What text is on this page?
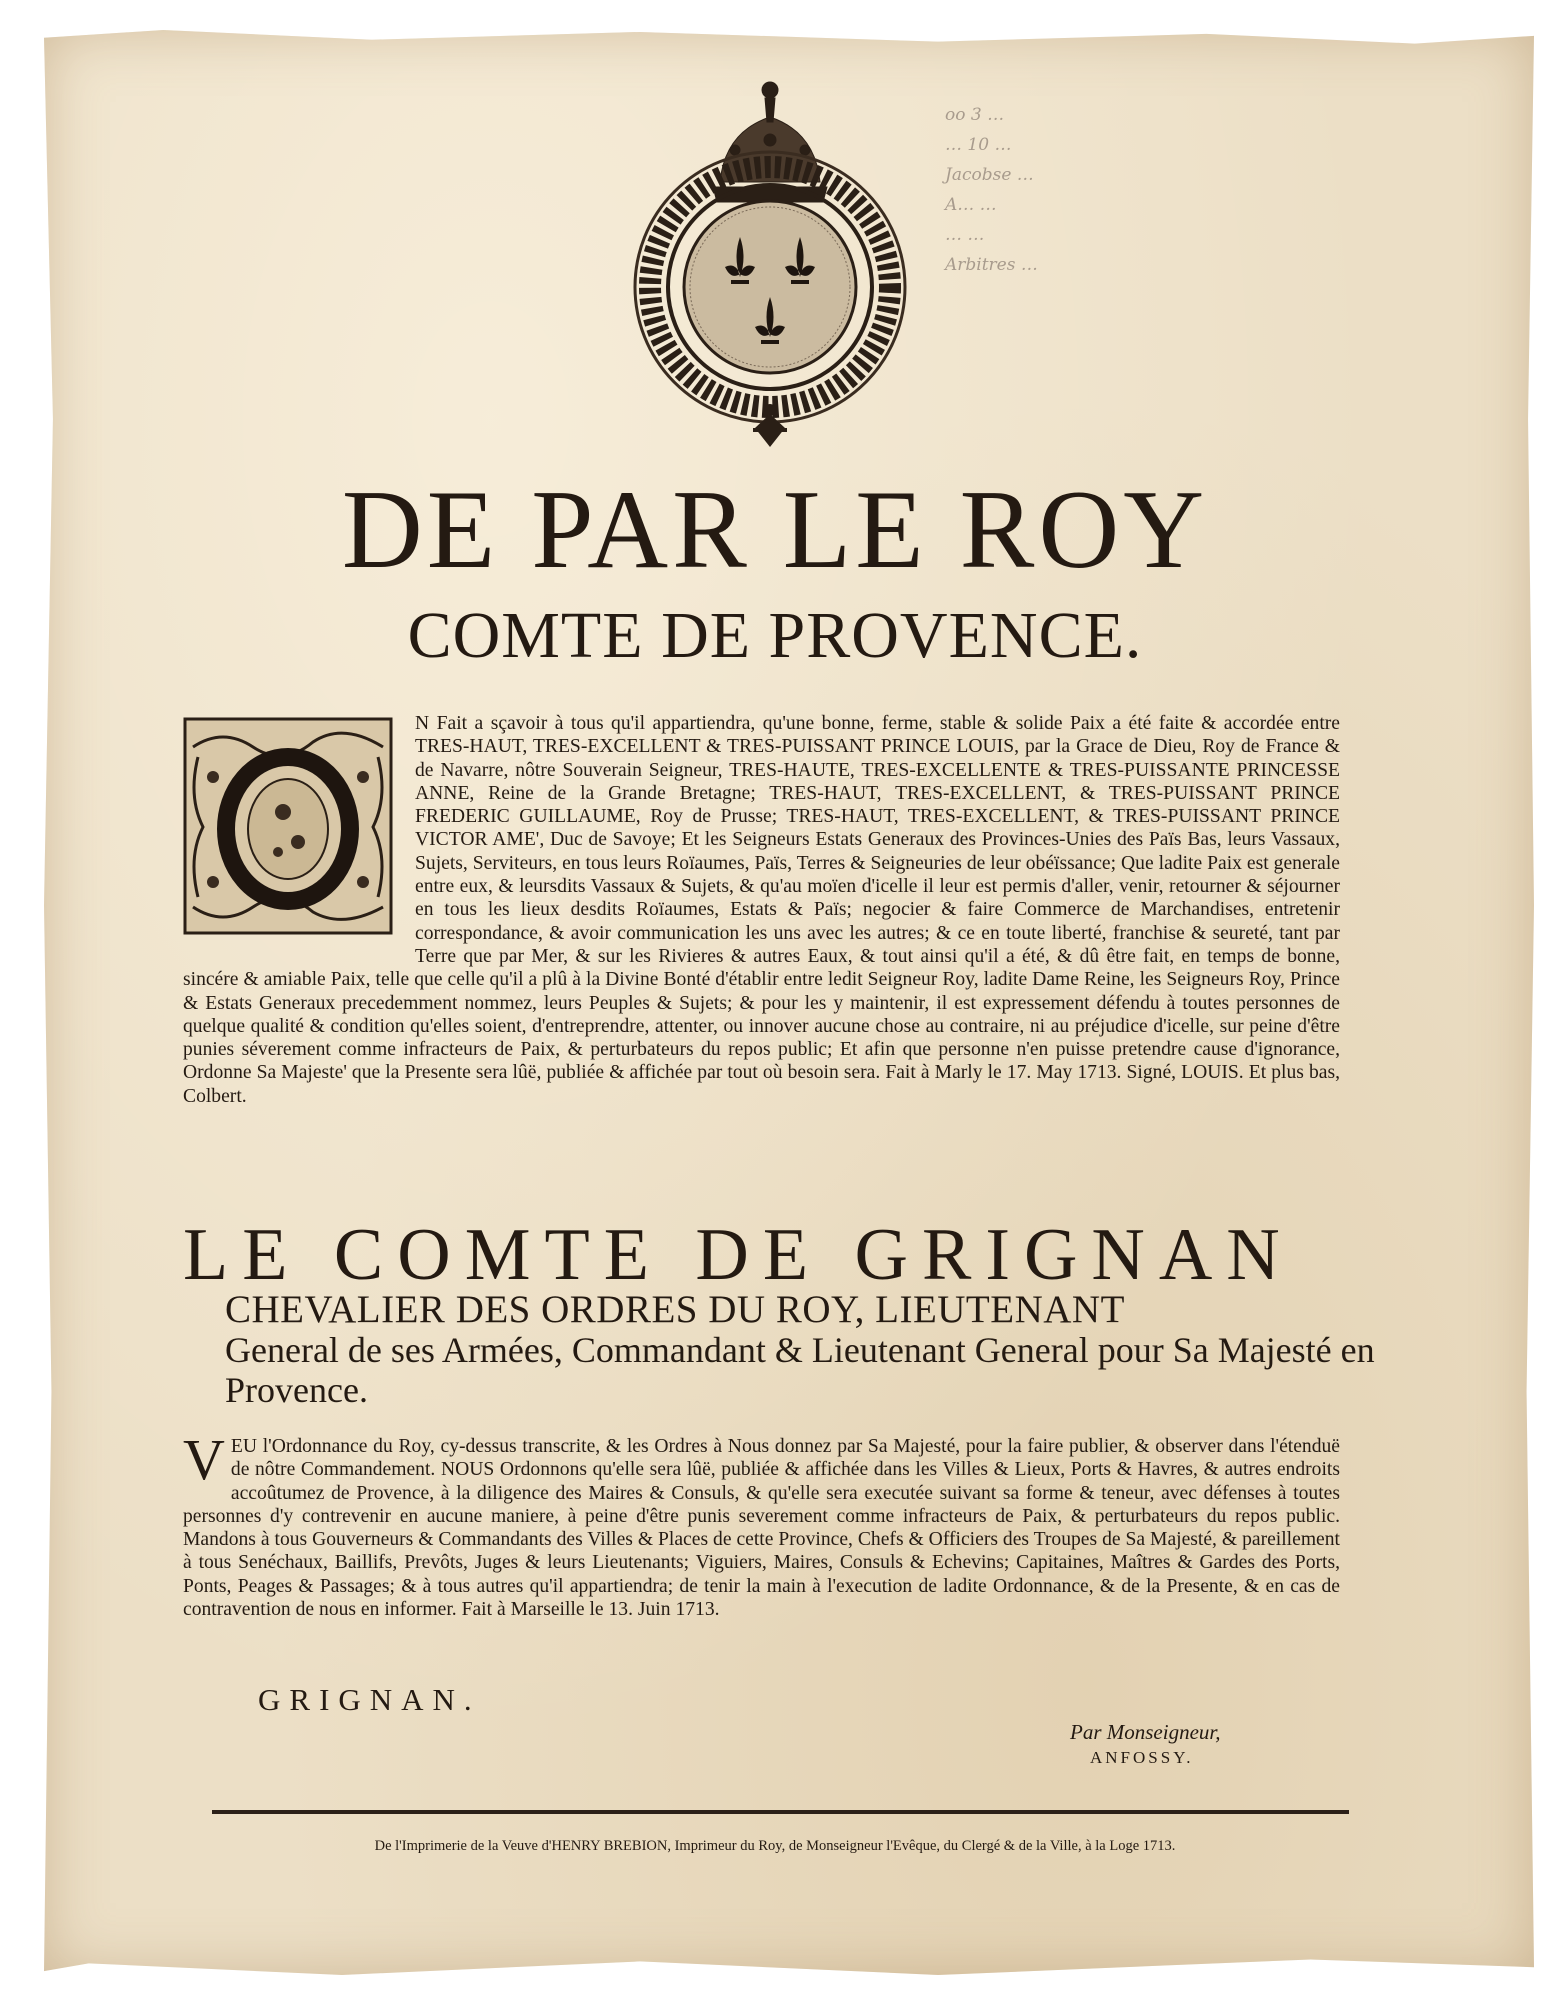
oo 3 …
… 10 …
Jacobse …
A… …
… …
Arbitres …
DE PAR LE ROY
COMTE DE PROVENCE.
N Fait a sçavoir à tous qu'il appartiendra, qu'une bonne, ferme, stable & solide Paix a été faite & accordée entre TRES-HAUT, TRES-EXCELLENT & TRES-PUISSANT PRINCE LOUIS, par la Grace de Dieu, Roy de France & de Navarre, nôtre Souverain Seigneur, TRES-HAUTE, TRES-EXCELLENTE & TRES-PUISSANTE PRINCESSE ANNE, Reine de la Grande Bretagne; TRES-HAUT, TRES-EXCELLENT, & TRES-PUISSANT PRINCE FREDERIC GUILLAUME, Roy de Prusse; TRES-HAUT, TRES-EXCELLENT, & TRES-PUISSANT PRINCE VICTOR AME', Duc de Savoye; Et les Seigneurs Estats Generaux des Provinces-Unies des Païs Bas, leurs Vassaux, Sujets, Serviteurs, en tous leurs Roïaumes, Païs, Terres & Seigneuries de leur obéïssance; Que ladite Paix est generale entre eux, & leursdits Vassaux & Sujets, & qu'au moïen d'icelle il leur est permis d'aller, venir, retourner & séjourner en tous les lieux desdits Roïaumes, Estats & Païs; negocier & faire Commerce de Marchandises, entretenir correspondance, & avoir communication les uns avec les autres; & ce en toute liberté, franchise & seureté, tant par Terre que par Mer, & sur les Rivieres & autres Eaux, & tout ainsi qu'il a été, & dû être fait, en temps de bonne, sincére & amiable Paix, telle que celle qu'il a plû à la Divine Bonté d'établir entre ledit Seigneur Roy, ladite Dame Reine, les Seigneurs Roy, Prince & Estats Generaux precedemment nommez, leurs Peuples & Sujets; & pour les y maintenir, il est expressement défendu à toutes personnes de quelque qualité & condition qu'elles soient, d'entreprendre, attenter, ou innover aucune chose au contraire, ni au préjudice d'icelle, sur peine d'être punies séverement comme infracteurs de Paix, & perturbateurs du repos public; Et afin que personne n'en puisse pretendre cause d'ignorance, Ordonne Sa Majeste' que la Presente sera lûë, publiée & affichée par tout où besoin sera. Fait à Marly le 17. May 1713. Signé, LOUIS. Et plus bas, Colbert.
LE COMTE DE GRIGNAN
CHEVALIER DES ORDRES DU ROY, LIEUTENANT
General de ses Armées, Commandant & Lieutenant General pour Sa Majesté en Provence.
V EU l'Ordonnance du Roy, cy-dessus transcrite, & les Ordres à Nous donnez par Sa Majesté, pour la faire publier, & observer dans l'étenduë de nôtre Commandement. NOUS Ordonnons qu'elle sera lûë, publiée & affichée dans les Villes & Lieux, Ports & Havres, & autres endroits accoûtumez de Provence, à la diligence des Maires & Consuls, & qu'elle sera executée suivant sa forme & teneur, avec défenses à toutes personnes d'y contrevenir en aucune maniere, à peine d'être punis severement comme infracteurs de Paix, & perturbateurs du repos public. Mandons à tous Gouverneurs & Commandants des Villes & Places de cette Province, Chefs & Officiers des Troupes de Sa Majesté, & pareillement à tous Senéchaux, Baillifs, Prevôts, Juges & leurs Lieutenants; Viguiers, Maires, Consuls & Echevins; Capitaines, Maîtres & Gardes des Ports, Ponts, Peages & Passages; & à tous autres qu'il appartiendra; de tenir la main à l'execution de ladite Ordonnance, & de la Presente, & en cas de contravention de nous en informer. Fait à Marseille le 13. Juin 1713.
GRIGNAN.
Par Monseigneur,
ANFOSSY.
De l'Imprimerie de la Veuve d'HENRY BREBION, Imprimeur du Roy, de Monseigneur l'Evêque, du Clergé & de la Ville, à la Loge 1713.
